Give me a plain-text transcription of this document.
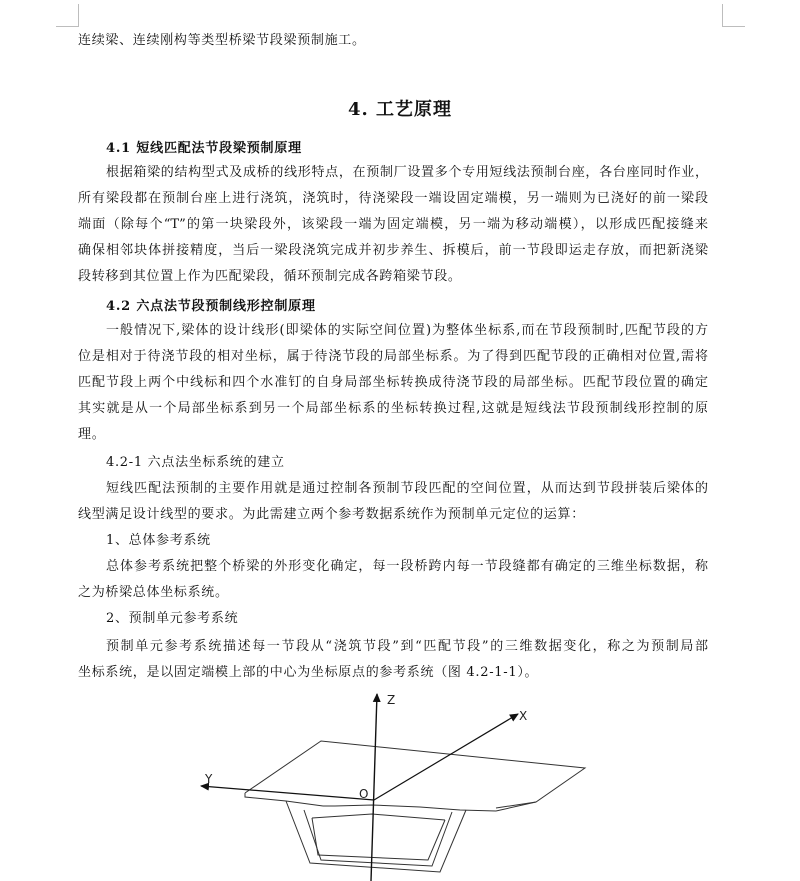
连续梁、连续刚构等类型桥梁节段梁预制施工。
4. 工艺原理
4.1 短线匹配法节段梁预制原理
根据箱梁的结构型式及成桥的线形特点，在预制厂设置多个专用短线法预制台座，各台座同时作业，
所有梁段都在预制台座上进行浇筑，浇筑时，待浇梁段一端设固定端模，另一端则为已浇好的前一梁段
端面（除每个“T”的第一块梁段外，该梁段一端为固定端模，另一端为移动端模），以形成匹配接缝来
确保相邻块体拼接精度，当后一梁段浇筑完成并初步养生、拆模后，前一节段即运走存放，而把新浇梁
段转移到其位置上作为匹配梁段，循环预制完成各跨箱梁节段。
4.2 六点法节段预制线形控制原理
一般情况下,梁体的设计线形(即梁体的实际空间位置)为整体坐标系,而在节段预制时,匹配节段的方
位是相对于待浇节段的相对坐标，属于待浇节段的局部坐标系。为了得到匹配节段的正确相对位置,需将
匹配节段上两个中线标和四个水准钉的自身局部坐标转换成待浇节段的局部坐标。匹配节段位置的确定
其实就是从一个局部坐标系到另一个局部坐标系的坐标转换过程,这就是短线法节段预制线形控制的原
理。
4.2-1 六点法坐标系统的建立
短线匹配法预制的主要作用就是通过控制各预制节段匹配的空间位置，从而达到节段拼装后梁体的
线型满足设计线型的要求。为此需建立两个参考数据系统作为预制单元定位的运算：
1、总体参考系统
总体参考系统把整个桥梁的外形变化确定，每一段桥跨内每一节段缝都有确定的三维坐标数据，称
之为桥梁总体坐标系统。
2、预制单元参考系统
预制单元参考系统描述每一节段从“浇筑节段”到“匹配节段”的三维数据变化，称之为预制局部
坐标系统，是以固定端模上部的中心为坐标原点的参考系统（图 4.2-1-1）。
Z
X
Y
O
